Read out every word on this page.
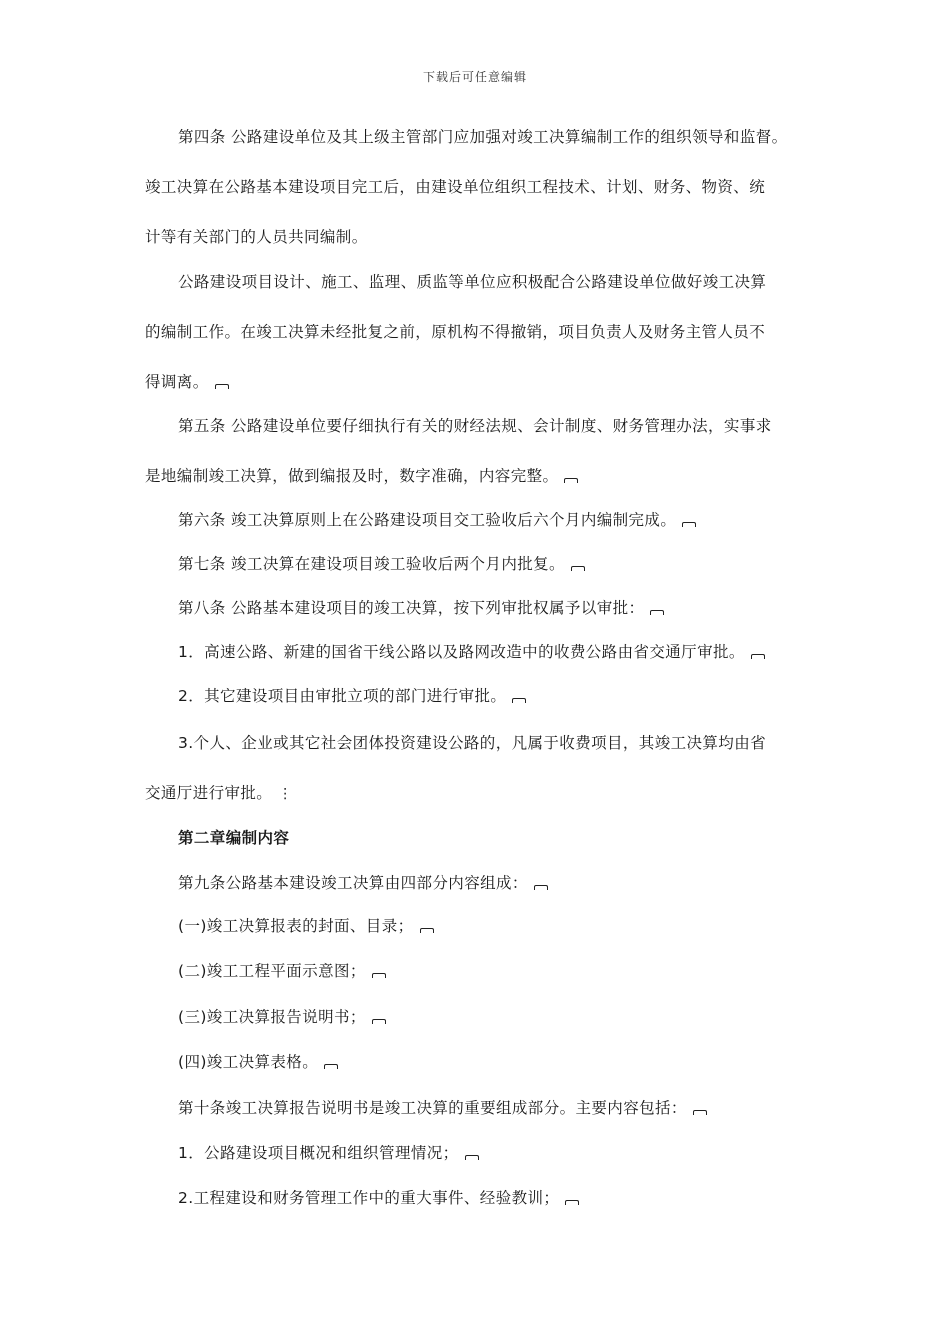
下载后可任意编辑
第四条 公路建设单位及其上级主管部门应加强对竣工决算编制工作的组织领导和监督。
竣工决算在公路基本建设项目完工后，由建设单位组织工程技术、计划、财务、物资、统
计等有关部门的人员共同编制。
公路建设项目设计、施工、监理、质监等单位应积极配合公路建设单位做好竣工决算
的编制工作。在竣工决算未经批复之前，原机构不得撤销，项目负责人及财务主管人员不
得调离。
第五条 公路建设单位要仔细执行有关的财经法规、会计制度、财务管理办法，实事求
是地编制竣工决算，做到编报及时，数字准确，内容完整。
第六条 竣工决算原则上在公路建设项目交工验收后六个月内编制完成。
第七条 竣工决算在建设项目竣工验收后两个月内批复。
第八条 公路基本建设项目的竣工决算，按下列审批权属予以审批：
1．高速公路、新建的国省干线公路以及路网改造中的收费公路由省交通厅审批。
2．其它建设项目由审批立项的部门进行审批。
3.个人、企业或其它社会团体投资建设公路的，凡属于收费项目，其竣工决算均由省
交通厅进行审批。 ⋮
第二章编制内容
第九条公路基本建设竣工决算由四部分内容组成：
(一)竣工决算报表的封面、目录；
(二)竣工工程平面示意图；
(三)竣工决算报告说明书；
(四)竣工决算表格。
第十条竣工决算报告说明书是竣工决算的重要组成部分。主要内容包括：
1．公路建设项目概况和组织管理情况；
2.工程建设和财务管理工作中的重大事件、经验教训；
